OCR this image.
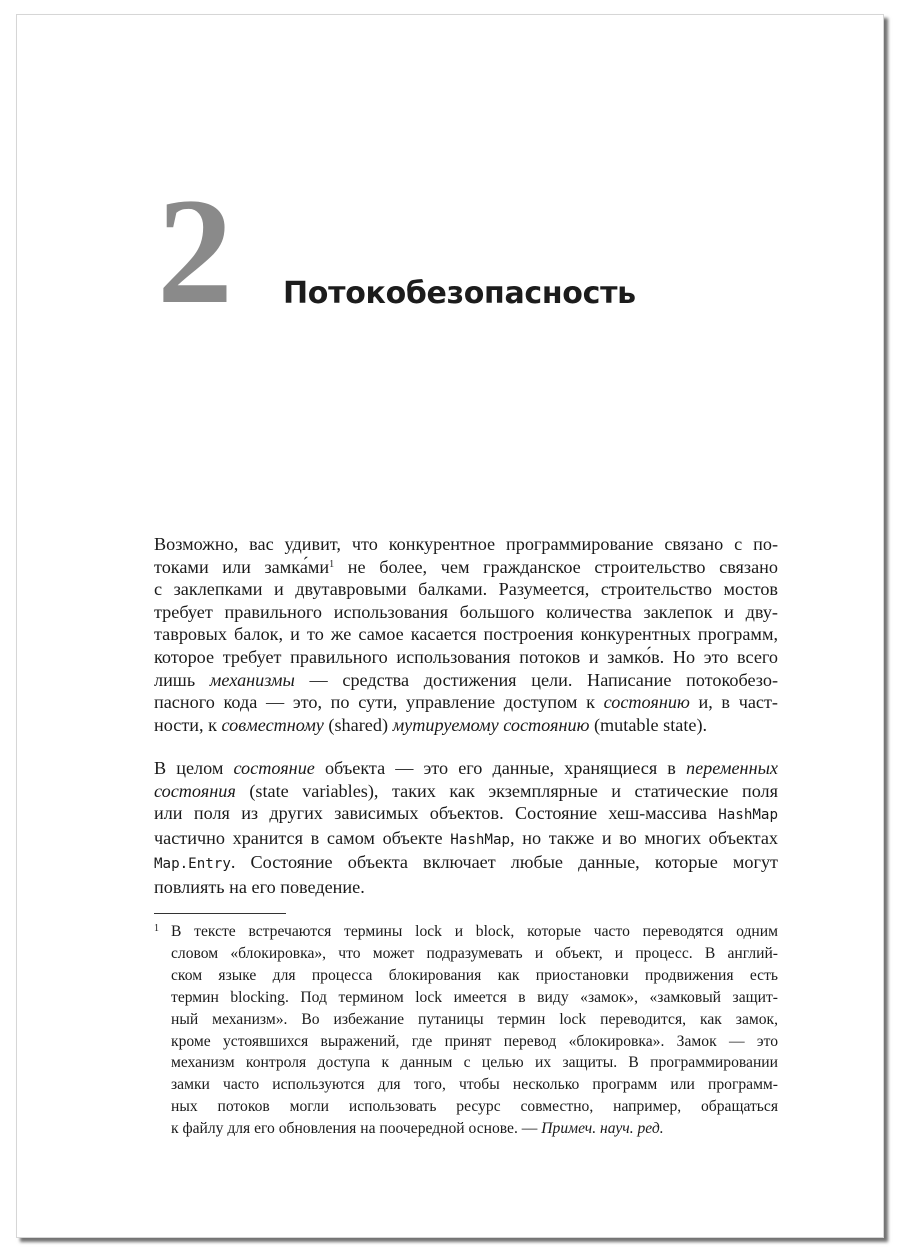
2 Потокобезопасность
Возможно, вас удивит, что конкурентное программирование связано с по-
токами или замками$^1$ не более, чем гражданское строительство связано
с заклепками и двутавровыми балками. Разумеется, строительство мостов
требует правильного использования большого количества заклепок и дву-
тавровых балок, и то же самое касается построения конкурентных программ,
которое требует правильного использования потоков и замков. Но это всего
лишь механизмы — средства достижения цели. Написание потокобезо-
пасного кода — это, по сути, управление доступом к состоянию и, в част-
ности, к совместному (shared) мутируемому состоянию (mutable state).
В целом состояние объекта — это его данные, хранящиеся в переменных
состояния (state variables), таких как экземплярные и статические поля
или поля из других зависимых объектов. Состояние хеш-массива HashMap
частично хранится в самом объекте HashMap, но также и во многих объектах
Map.Entry. Состояние объекта включает любые данные, которые могут
повлиять на его поведение.
1 В тексте встречаются термины lock и block, которые часто переводятся одним
словом «блокировка», что может подразумевать и объект, и процесс. В англий-
ском языке для процесса блокирования как приостановки продвижения есть
термин blocking. Под термином lock имеется в виду «замок», «замковый защит-
ный механизм». Во избежание путаницы термин lock переводится, как замок,
кроме устоявшихся выражений, где принят перевод «блокировка». Замок — это
механизм контроля доступа к данным с целью их защиты. В программировании
замки часто используются для того, чтобы несколько программ или программ-
ных потоков могли использовать ресурс совместно, например, обращаться
к файлу для его обновления на поочередной основе. — Примеч. науч. ред.
